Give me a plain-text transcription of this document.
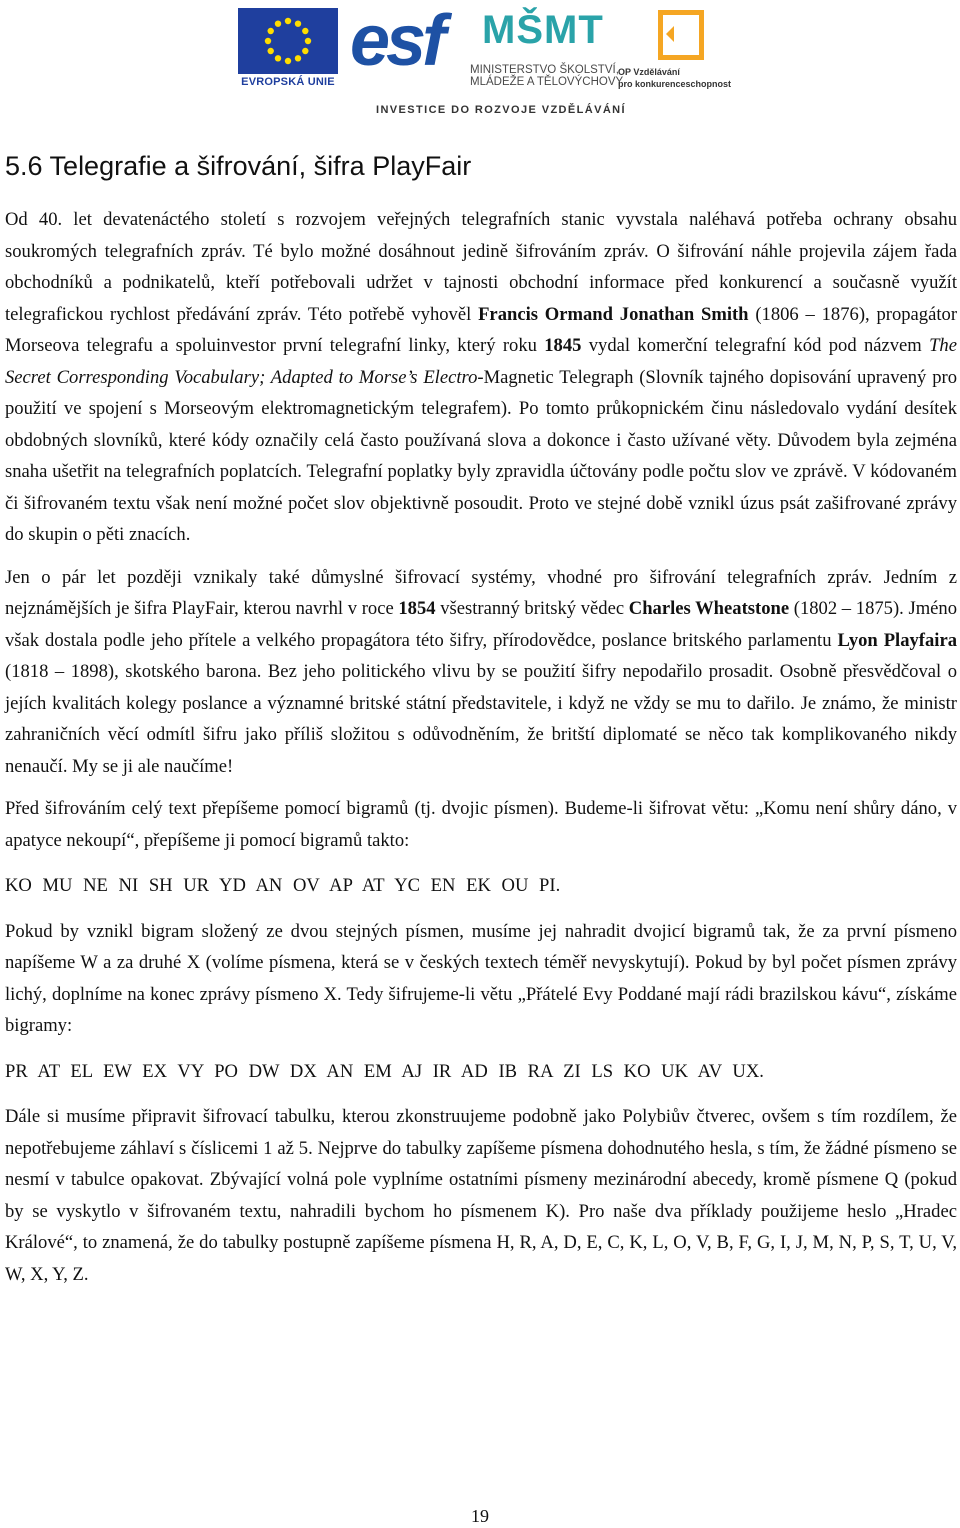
EVROPSKÁ UNIE
esf MŠMT
MINISTERSTVO ŠKOLSTVÍ,
MLÁDEŽE A TĚLOVÝCHOVY
OP Vzdělávání
pro konkurenceschopnost
INVESTICE DO ROZVOJE VZDĚLÁVÁNÍ
5.6 Telegrafie a šifrování, šifra PlayFair

Od 40. let devatenáctého století s rozvojem veřejných telegrafních stanic vyvstala naléhavá potřeba ochrany obsahu soukromých telegrafních zpráv. Té bylo možné dosáhnout jedině šifrováním zpráv. O šifrování náhle projevila zájem řada obchodníků a podnikatelů, kteří potřebovali udržet v tajnosti obchodní informace před konkurencí a současně využít telegrafickou rychlost předávání zpráv. Této potřebě vyhověl Francis Ormand Jonathan Smith (1806 – 1876), propagátor Morseova telegrafu a spoluinvestor první telegrafní linky, který roku 1845 vydal komerční telegrafní kód pod názvem The Secret Corresponding Vocabulary; Adapted to Morse’s Electro-Magnetic Telegraph (Slovník tajného dopisování upravený pro použití ve spojení s Morseovým elektromagnetickým telegrafem). Po tomto průkopnickém činu následovalo vydání desítek obdobných slovníků, které kódy označily celá často používaná slova a dokonce i často užívané věty. Důvodem byla zejména snaha ušetřit na telegrafních poplatcích. Telegrafní poplatky byly zpravidla účtovány podle počtu slov ve zprávě. V kódovaném či šifrovaném textu však není možné počet slov objektivně posoudit. Proto ve stejné době vznikl úzus psát zašifrované zprávy do skupin o pěti znacích.

Jen o pár let později vznikaly také důmyslné šifrovací systémy, vhodné pro šifrování telegrafních zpráv. Jedním z nejznámějších je šifra PlayFair, kterou navrhl v roce 1854 všestranný britský vědec Charles Wheatstone (1802 – 1875). Jméno však dostala podle jeho přítele a velkého propagátora této šifry, přírodovědce, poslance britského parlamentu Lyon Playfaira (1818 – 1898), skotského barona. Bez jeho politického vlivu by se použití šifry nepodařilo prosadit. Osobně přesvědčoval o jejích kvalitách kolegy poslance a významné britské státní představitele, i když ne vždy se mu to dařilo. Je známo, že ministr zahraničních věcí odmítl šifru jako příliš složitou s odůvodněním, že britští diplomaté se něco tak komplikovaného nikdy nenaučí. My se ji ale naučíme!

Před šifrováním celý text přepíšeme pomocí bigramů (tj. dvojic písmen). Budeme-li šifrovat větu: „Komu není shůry dáno, v apatyce nekoupí“, přepíšeme ji pomocí bigramů takto:

KO MU NE NI SH UR YD AN OV AP AT YC EN EK OU PI.

Pokud by vznikl bigram složený ze dvou stejných písmen, musíme jej nahradit dvojicí bigramů tak, že za první písmeno napíšeme W a za druhé X (volíme písmena, která se v českých textech téměř nevyskytují). Pokud by byl počet písmen zprávy lichý, doplníme na konec zprávy písmeno X. Tedy šifrujeme-li větu „Přátelé Evy Poddané mají rádi brazilskou kávu“, získáme bigramy:

PR AT EL EW EX VY PO DW DX AN EM AJ IR AD IB RA ZI LS KO UK AV UX.

Dále si musíme připravit šifrovací tabulku, kterou zkonstruujeme podobně jako Polybiův čtverec, ovšem s tím rozdílem, že nepotřebujeme záhlaví s číslicemi 1 až 5. Nejprve do tabulky zapíšeme písmena dohodnutého hesla, s tím, že žádné písmeno se nesmí v tabulce opakovat. Zbývající volná pole vyplníme ostatními písmeny mezinárodní abecedy, kromě písmene Q (pokud by se vyskytlo v šifrovaném textu, nahradili bychom ho písmenem K). Pro naše dva příklady použijeme heslo „Hradec Králové“, to znamená, že do tabulky postupně zapíšeme písmena H, R, A, D, E, C, K, L, O, V, B, F, G, I, J, M, N, P, S, T, U, V, W, X, Y, Z.

19
